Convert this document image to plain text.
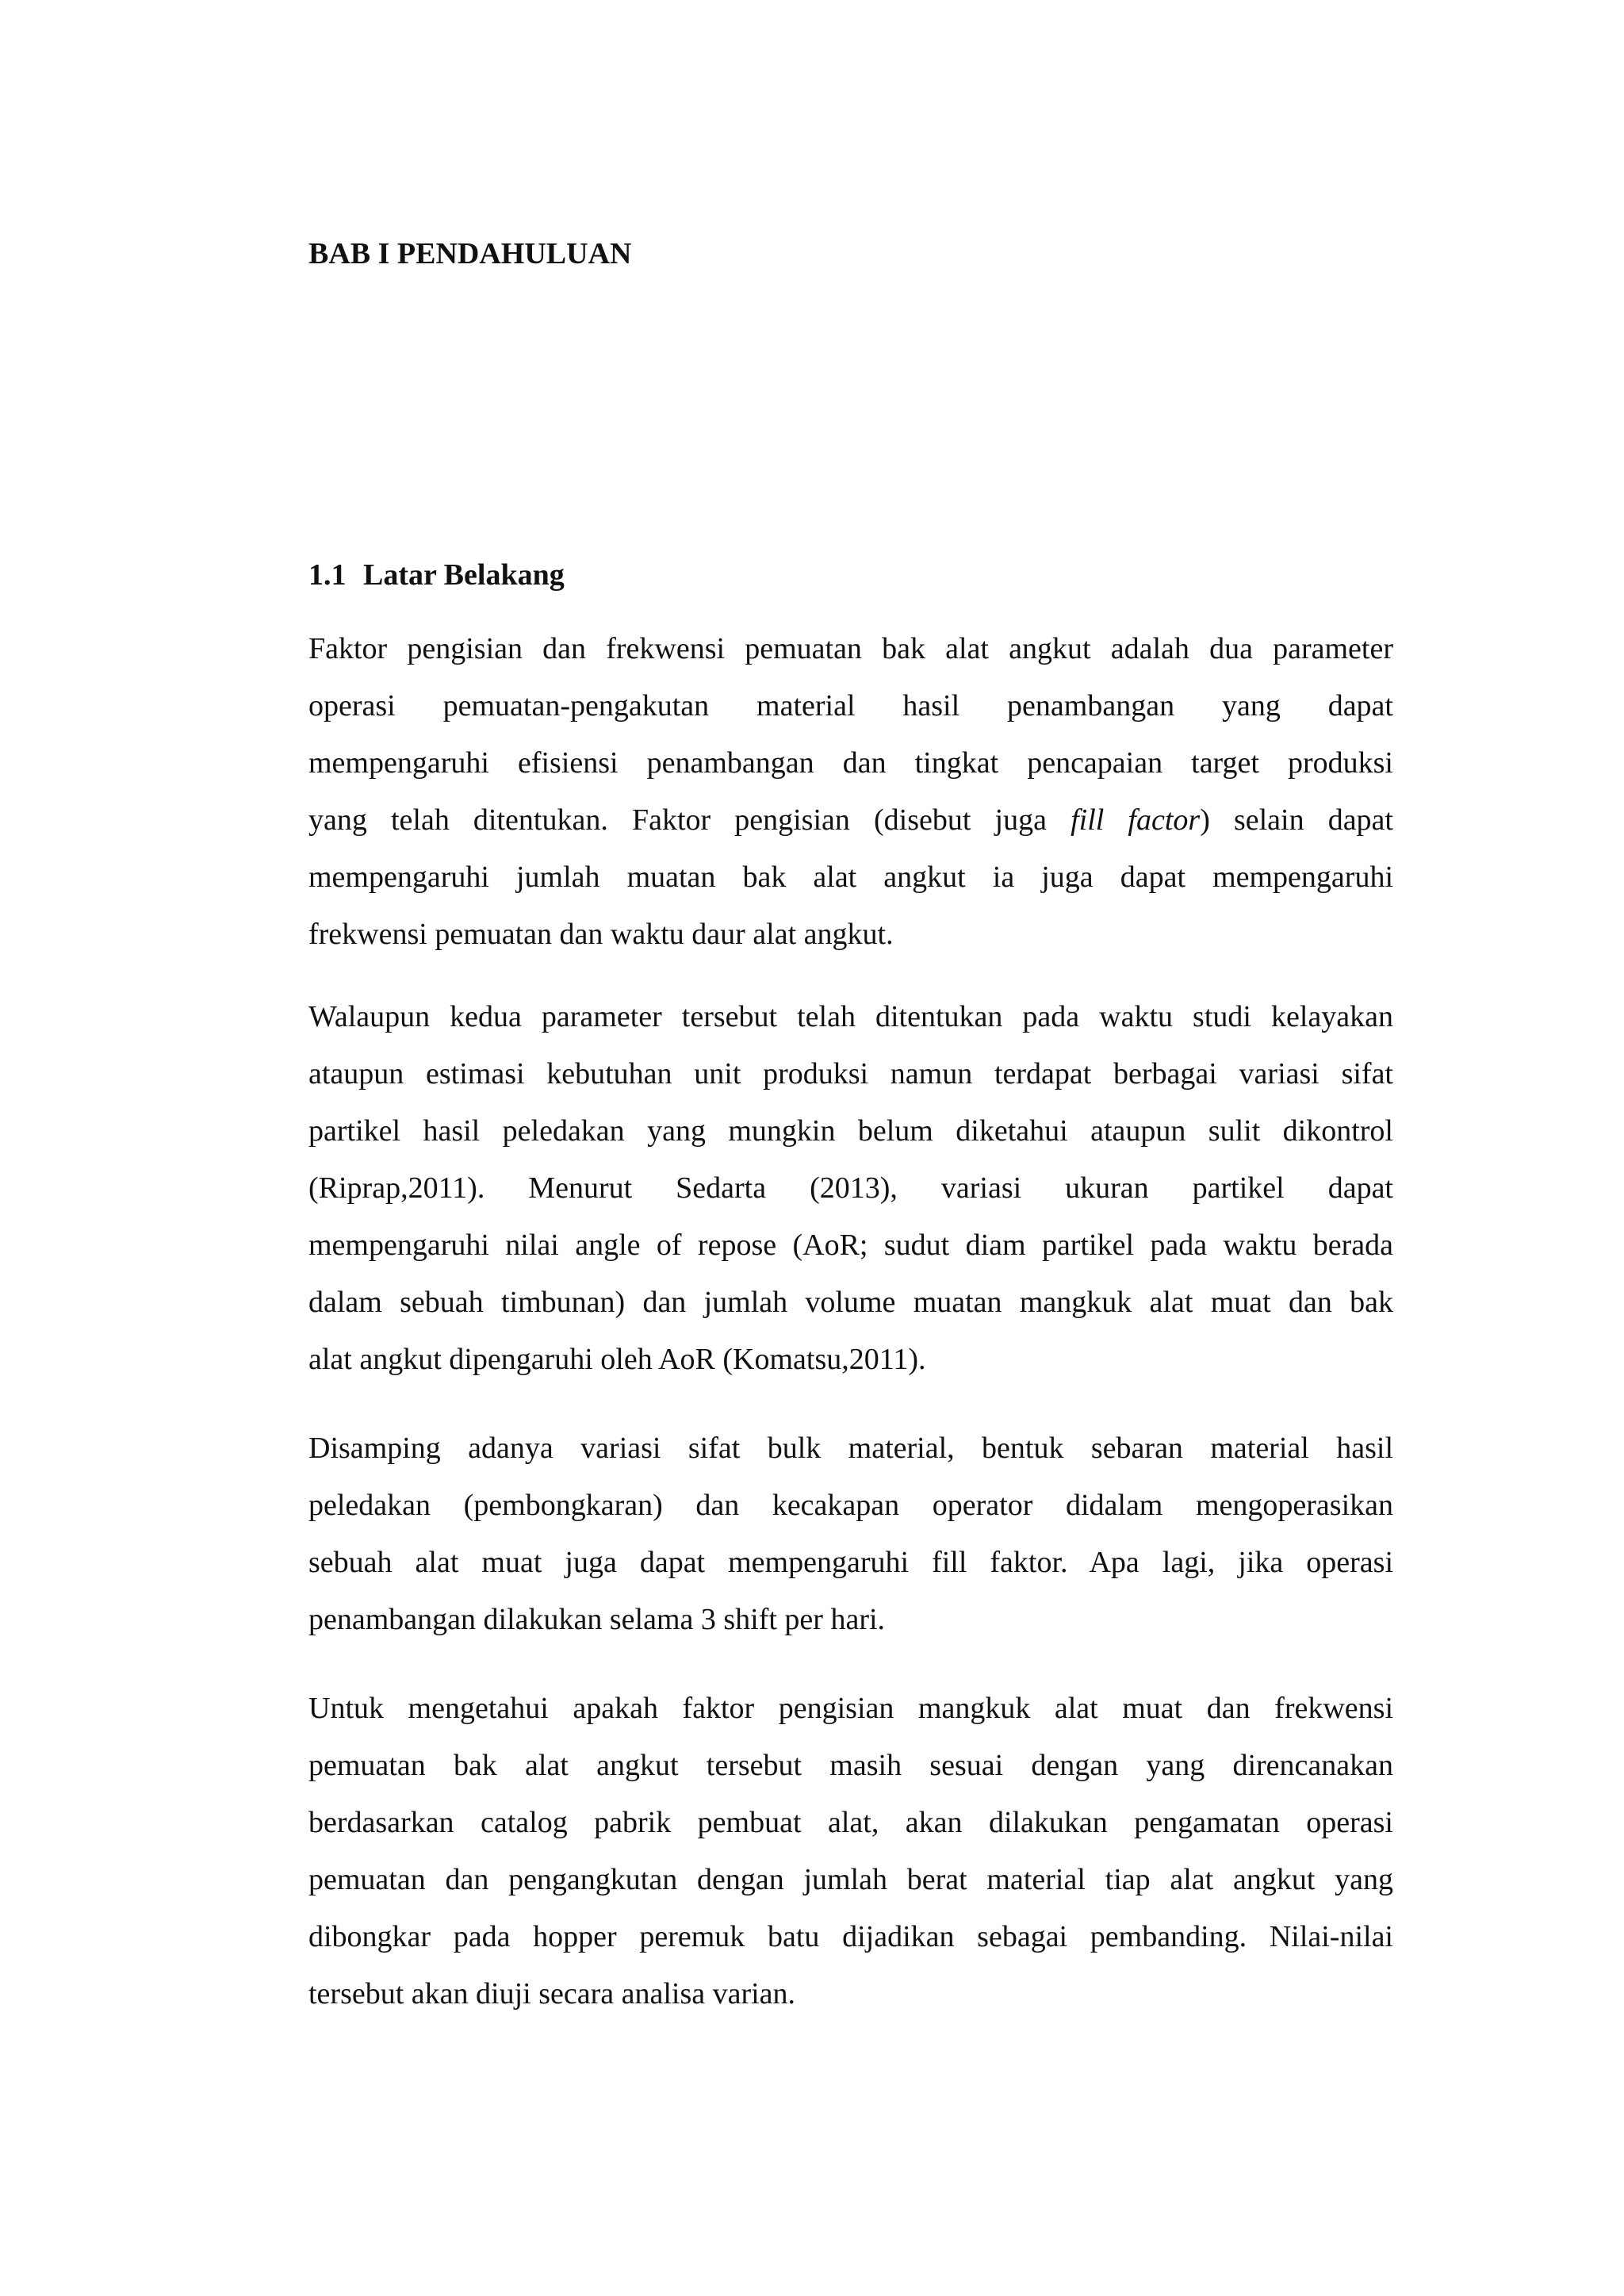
BAB I PENDAHULUAN
1.1 Latar Belakang
Faktor pengisian dan frekwensi pemuatan bak alat angkut adalah dua parameter
operasi pemuatan-pengakutan material hasil penambangan yang dapat
mempengaruhi efisiensi penambangan dan tingkat pencapaian target produksi
yang telah ditentukan. Faktor pengisian (disebut juga fill factor) selain dapat
mempengaruhi jumlah muatan bak alat angkut ia juga dapat mempengaruhi
frekwensi pemuatan dan waktu daur alat angkut.
Walaupun kedua parameter tersebut telah ditentukan pada waktu studi kelayakan
ataupun estimasi kebutuhan unit produksi namun terdapat berbagai variasi sifat
partikel hasil peledakan yang mungkin belum diketahui ataupun sulit dikontrol
(Riprap,2011). Menurut Sedarta (2013), variasi ukuran partikel dapat
mempengaruhi nilai angle of repose (AoR; sudut diam partikel pada waktu berada
dalam sebuah timbunan) dan jumlah volume muatan mangkuk alat muat dan bak
alat angkut dipengaruhi oleh AoR (Komatsu,2011).
Disamping adanya variasi sifat bulk material, bentuk sebaran material hasil
peledakan (pembongkaran) dan kecakapan operator didalam mengoperasikan
sebuah alat muat juga dapat mempengaruhi fill faktor. Apa lagi, jika operasi
penambangan dilakukan selama 3 shift per hari.
Untuk mengetahui apakah faktor pengisian mangkuk alat muat dan frekwensi
pemuatan bak alat angkut tersebut masih sesuai dengan yang direncanakan
berdasarkan catalog pabrik pembuat alat, akan dilakukan pengamatan operasi
pemuatan dan pengangkutan dengan jumlah berat material tiap alat angkut yang
dibongkar pada hopper peremuk batu dijadikan sebagai pembanding. Nilai-nilai
tersebut akan diuji secara analisa varian.
